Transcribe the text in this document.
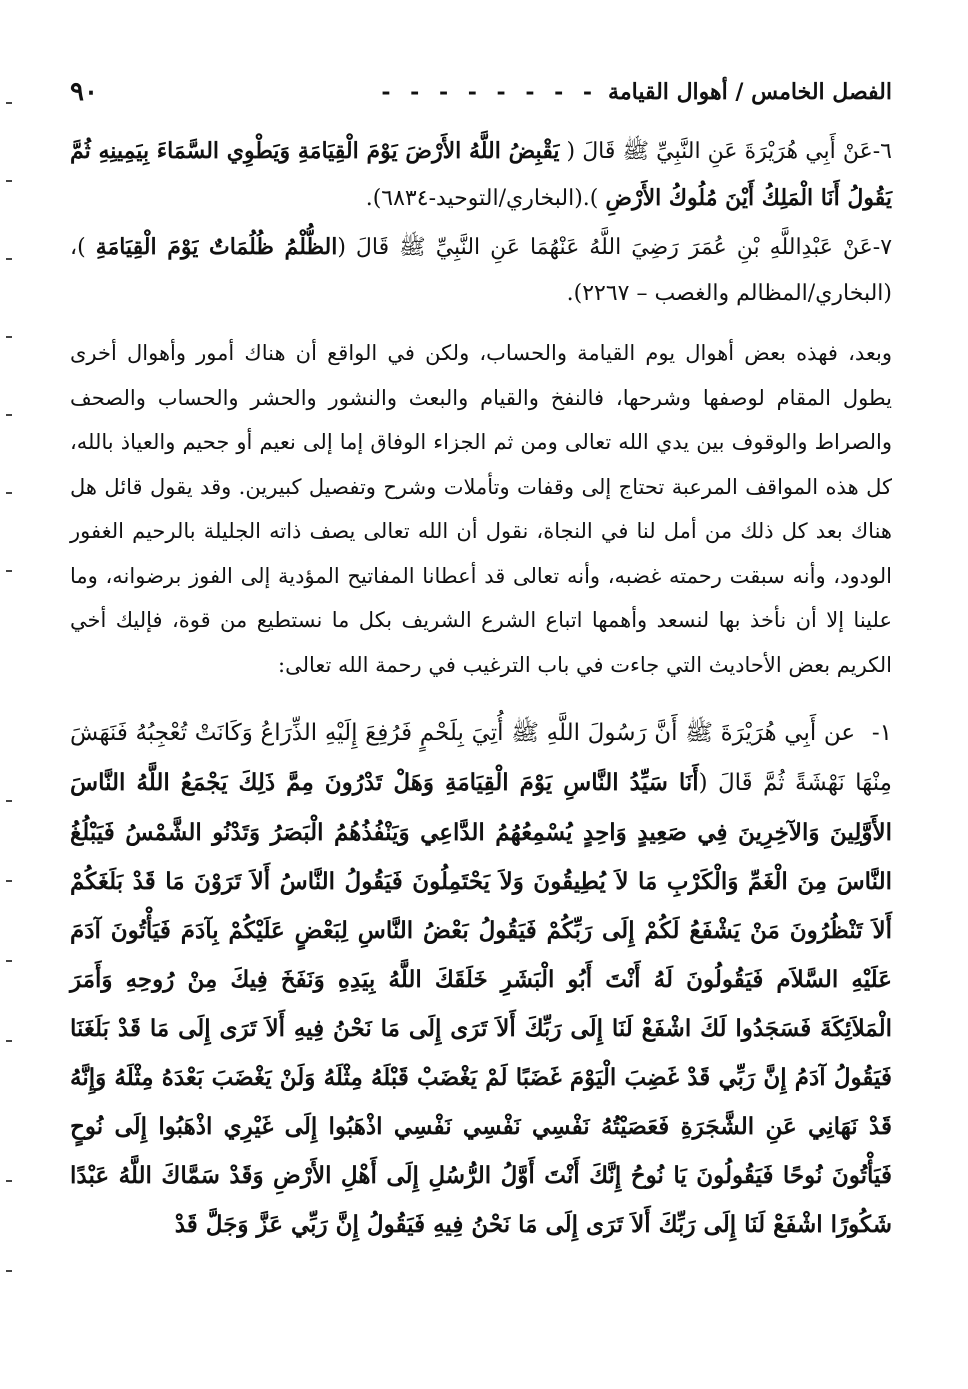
الفصل الخامس / أهوال القيامة
- - - - - - - -
٩٠

٦-عَنْ أَبِي هُرَيْرَةَ عَنِ النَّبِيِّ ﷺ قَالَ ( يَقْبِضُ اللَّهُ الأَرْضَ يَوْمَ الْقِيَامَةِ وَيَطْوِي السَّمَاءَ بِيَمِينِهِ ثُمَّ يَقُولُ أَنَا الْمَلِكُ أَيْنَ مُلُوكُ الأَرْضِ ).(البخاري/التوحيد-٦٨٣٤).

٧-عَنْ عَبْدِاللَّهِ بْنِ عُمَرَ رَضِيَ اللَّهُ عَنْهُمَا عَنِ النَّبِيِّ ﷺ قَالَ (الظُّلْمُ ظُلُمَاتٌ يَوْمَ الْقِيَامَةِ )، (البخاري/المظالم والغصب – ٢٢٦٧).

وبعد، فهذه بعض أهوال يوم القيامة والحساب، ولكن في الواقع أن هناك أمور وأهوال أخرى يطول المقام لوصفها وشرحها، فالنفخ والقيام والبعث والنشور والحشر والحساب والصحف والصراط والوقوف بين يدي الله تعالى ومن ثم الجزاء الوفاق إما إلى نعيم أو جحيم والعياذ بالله، كل هذه المواقف المرعبة تحتاج إلى وقفات وتأملات وشرح وتفصيل كبيرين. وقد يقول قائل هل هناك بعد كل ذلك من أمل لنا في النجاة، نقول أن الله تعالى يصف ذاته الجليلة بالرحيم الغفور الودود، وأنه سبقت رحمته غضبه، وأنه تعالى قد أعطانا المفاتيح المؤدية إلى الفوز برضوانه، وما علينا إلا أن نأخذ بها لنسعد وأهمها اتباع الشرع الشريف بكل ما نستطيع من قوة، فإليك أخي الكريم بعض الأحاديث التي جاءت في باب الترغيب في رحمة الله تعالى:

١-  عن أَبِي هُرَيْرَةَ ﷺ أَنَّ رَسُولَ اللَّهِ ﷺ أُتِيَ بِلَحْمٍ فَرُفِعَ إِلَيْهِ الذِّرَاعُ وَكَانَتْ تُعْجِبُهُ فَنَهَشَ مِنْهَا نَهْشَةً ثُمَّ قَالَ (أَنَا سَيِّدُ النَّاسِ يَوْمَ الْقِيَامَةِ وَهَلْ تَدْرُونَ مِمَّ ذَلِكَ يَجْمَعُ اللَّهُ النَّاسَ الأَوَّلِينَ وَالآخِرِينَ فِي صَعِيدٍ وَاحِدٍ يُسْمِعُهُمُ الدَّاعِي وَيَنْفُذُهُمُ الْبَصَرُ وَتَدْنُو الشَّمْسُ فَيَبْلُغُ النَّاسَ مِنَ الْغَمِّ وَالْكَرْبِ مَا لاَ يُطِيقُونَ وَلاَ يَحْتَمِلُونَ فَيَقُولُ النَّاسُ أَلاَ تَرَوْنَ مَا قَدْ بَلَغَكُمْ أَلاَ تَنْظُرُونَ مَنْ يَشْفَعُ لَكُمْ إِلَى رَبِّكُمْ فَيَقُولُ بَعْضُ النَّاسِ لِبَعْضٍ عَلَيْكُمْ بِآدَمَ فَيَأْتُونَ آدَمَ عَلَيْهِ السَّلاَم فَيَقُولُونَ لَهُ أَنْتَ أَبُو الْبَشَرِ خَلَقَكَ اللَّهُ بِيَدِهِ وَنَفَخَ فِيكَ مِنْ رُوحِهِ وَأَمَرَ الْمَلاَئِكَةَ فَسَجَدُوا لَكَ اشْفَعْ لَنَا إِلَى رَبِّكَ أَلاَ تَرَى إِلَى مَا نَحْنُ فِيهِ أَلاَ تَرَى إِلَى مَا قَدْ بَلَغَنَا فَيَقُولُ آدَمُ إِنَّ رَبِّي قَدْ غَضِبَ الْيَوْمَ غَضَبًا لَمْ يَغْضَبْ قَبْلَهُ مِثْلَهُ وَلَنْ يَغْضَبَ بَعْدَهُ مِثْلَهُ وَإِنَّهُ قَدْ نَهَانِي عَنِ الشَّجَرَةِ فَعَصَيْتُهُ نَفْسِي نَفْسِي نَفْسِي اذْهَبُوا إِلَى غَيْرِي اذْهَبُوا إِلَى نُوحٍ فَيَأْتُونَ نُوحًا فَيَقُولُونَ يَا نُوحُ إِنَّكَ أَنْتَ أَوَّلُ الرُّسُلِ إِلَى أَهْلِ الأَرْضِ وَقَدْ سَمَّاكَ اللَّهُ عَبْدًا شَكُورًا اشْفَعْ لَنَا إِلَى رَبِّكَ أَلاَ تَرَى إِلَى مَا نَحْنُ فِيهِ فَيَقُولُ إِنَّ رَبِّي عَزَّ وَجَلَّ قَدْ
